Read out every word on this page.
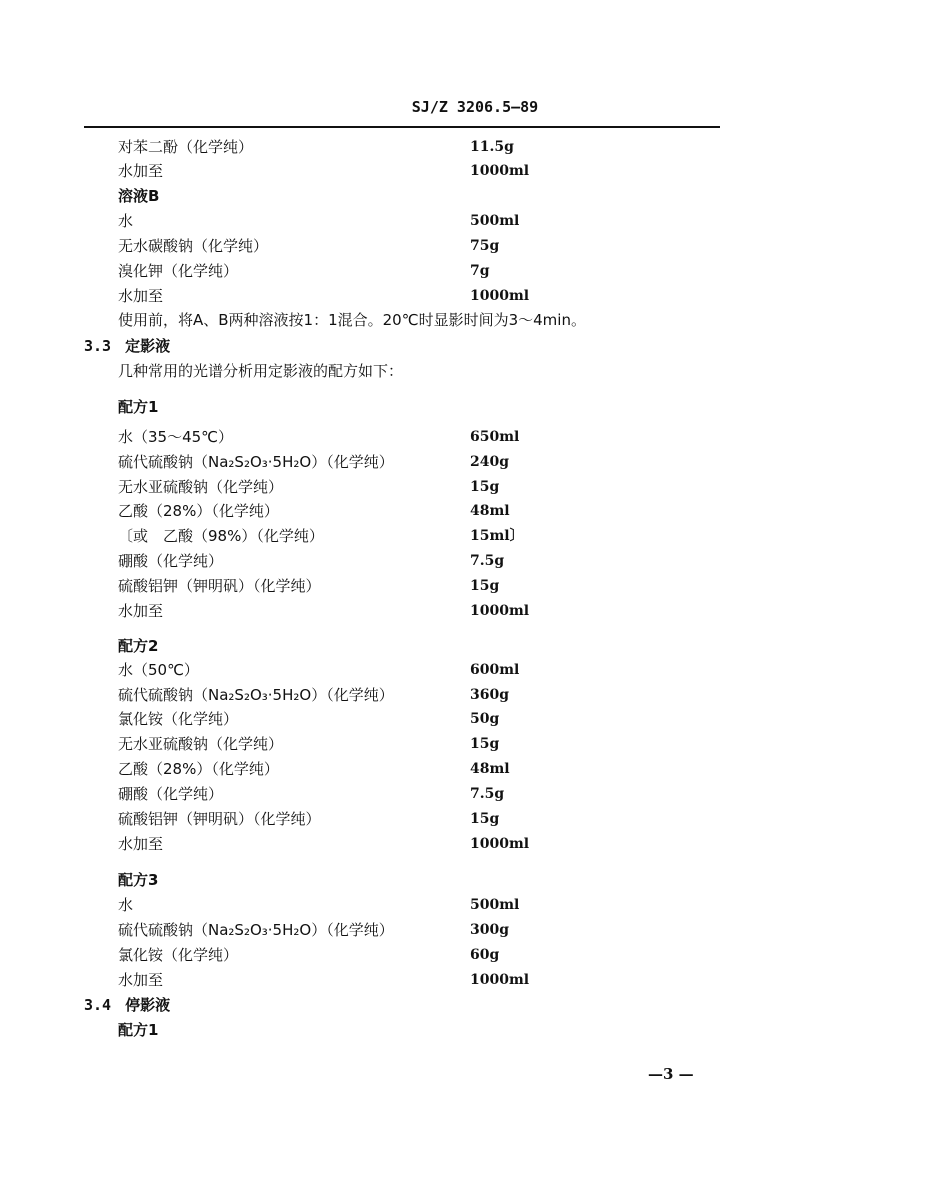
SJ/Z 3206.5—89
对苯二酚（化学纯）	11.5g
水加至	1000ml
溶液B
水	500ml
无水碳酸钠（化学纯）	75g
溴化钾（化学纯）	7g
水加至	1000ml
使用前，将A、B两种溶液按1：1混合。20℃时显影时间为3～4min。
3.3 定影液
几种常用的光谱分析用定影液的配方如下：
配方1
水（35～45℃）	650ml
硫代硫酸钠（Na₂S₂O₃·5H₂O）（化学纯）	240g
无水亚硫酸钠（化学纯）	15g
乙酸（28%）（化学纯）	48ml
〔或　乙酸（98%）（化学纯）	15ml〕
硼酸（化学纯）	7.5g
硫酸铝钾（钾明矾）（化学纯）	15g
水加至	1000ml
配方2
水（50℃）	600ml
硫代硫酸钠（Na₂S₂O₃·5H₂O）（化学纯）	360g
氯化铵（化学纯）	50g
无水亚硫酸钠（化学纯）	15g
乙酸（28%）（化学纯）	48ml
硼酸（化学纯）	7.5g
硫酸铝钾（钾明矾）（化学纯）	15g
水加至	1000ml
配方3
水	500ml
硫代硫酸钠（Na₂S₂O₃·5H₂O）（化学纯）	300g
氯化铵（化学纯）	60g
水加至	1000ml
3.4 停影液
配方1
—3 —
